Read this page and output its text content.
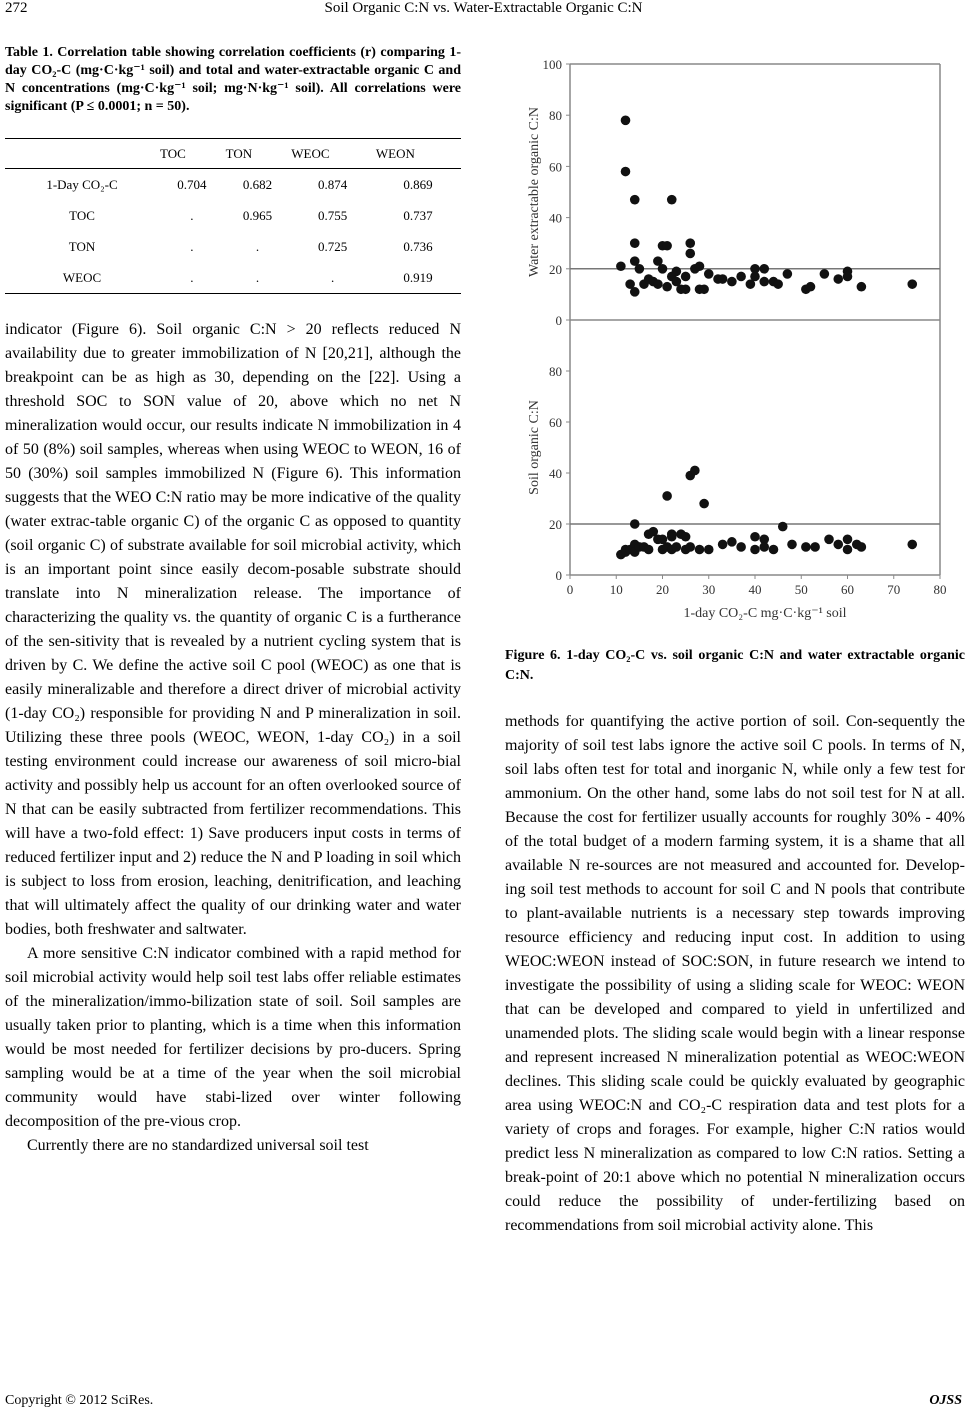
272	Soil Organic C:N vs. Water-Extractable Organic C:N

Table 1. Correlation table showing correlation coefficients (r) comparing 1-day CO₂-C (mg·C·kg⁻¹ soil) and total and water-extractable organic C and N concentrations (mg·C·kg⁻¹ soil; mg·N·kg⁻¹ soil). All correlations were significant (P ≤ 0.0001; n = 50).

	TOC	TON	WEOC	WEON
1-Day CO₂-C	0.704	0.682	0.874	0.869
TOC	.	0.965	0.755	0.737
TON	.	.	0.725	0.736
WEOC	.	.	.	0.919

indicator (Figure 6). Soil organic C:N > 20 reflects reduced N availability due to greater immobilization of N [20,21], although the breakpoint can be as high as 30, depending on the [22]. Using a threshold SOC to SON value of 20, above which no net N mineralization would occur, our results indicate N immobilization in 4 of 50 (8%) soil samples, whereas when using WEOC to WEON, 16 of 50 (30%) soil samples immobilized N (Figure 6). This information suggests that the WEO C:N ratio may be more indicative of the quality (water extrac-table organic C) of the organic C as opposed to quantity (soil organic C) of substrate available for soil microbial activity, which is an important point since easily decom-posable substrate should translate into N mineralization release. The importance of characterizing the quality vs. the quantity of organic C is a furtherance of the sen-sitivity that is revealed by a nutrient cycling system that is driven by C. We define the active soil C pool (WEOC) as one that is easily mineralizable and therefore a direct driver of microbial activity (1-day CO₂) responsible for providing N and P mineralization in soil. Utilizing these three pools (WEOC, WEON, 1-day CO₂) in a soil testing environment could increase our awareness of soil micro-bial activity and possibly help us account for an often overlooked source of N that can be easily subtracted from fertilizer recommendations. This will have a two-fold effect: 1) Save producers input costs in terms of reduced fertilizer input and 2) reduce the N and P loading in soil which is subject to loss from erosion, leaching, denitrification, and leaching that will ultimately affect the quality of our drinking water and water bodies, both freshwater and saltwater.

A more sensitive C:N indicator combined with a rapid method for soil microbial activity would help soil test labs offer reliable estimates of the mineralization/immo-bilization state of soil. Soil samples are usually taken prior to planting, which is a time when this information would be most needed for fertilizer decisions by pro-ducers. Spring sampling would be at a time of the year when the soil microbial community would have stabi-lized over winter following decomposition of the pre-vious crop.

Currently there are no standardized universal soil test

0
20
40
60
80
100
Water extractable organic C:N
0
20
40
60
80
Soil organic C:N
0	10	20	30	40	50	60	70	80
1-day CO₂-C mg·C·kg⁻¹ soil

Figure 6. 1-day CO₂-C vs. soil organic C:N and water extractable organic C:N.

methods for quantifying the active portion of soil. Con-sequently the majority of soil test labs ignore the active soil C pools. In terms of N, soil labs often test for total and inorganic N, while only a few test for ammonium. On the other hand, some labs do not soil test for N at all. Because the cost for fertilizer usually accounts for roughly 30% - 40% of the total budget of a modern farming system, it is a shame that all available N re-sources are not measured and accounted for. Develop-ing soil test methods to account for soil C and N pools that contribute to plant-available nutrients is a necessary step towards improving resource efficiency and reducing input cost. In addition to using WEOC:WEON instead of SOC:SON, in future research we intend to investigate the possibility of using a sliding scale for WEOC: WEON that can be developed and compared to yield in unfertilized and unamended plots. The sliding scale would begin with a linear response and represent increased N mineralization potential as WEOC:WEON declines. This sliding scale could be quickly evaluated by geographic area using WEOC:N and CO₂-C respiration data and test plots for a variety of crops and forages. For example, higher C:N ratios would predict less N mineralization as compared to low C:N ratios. Setting a break-point of 20:1 above which no potential N mineralization occurs could reduce the possibility of under-fertilizing based on recommendations from soil microbial activity alone. This

Copyright © 2012 SciRes.	OJSS
